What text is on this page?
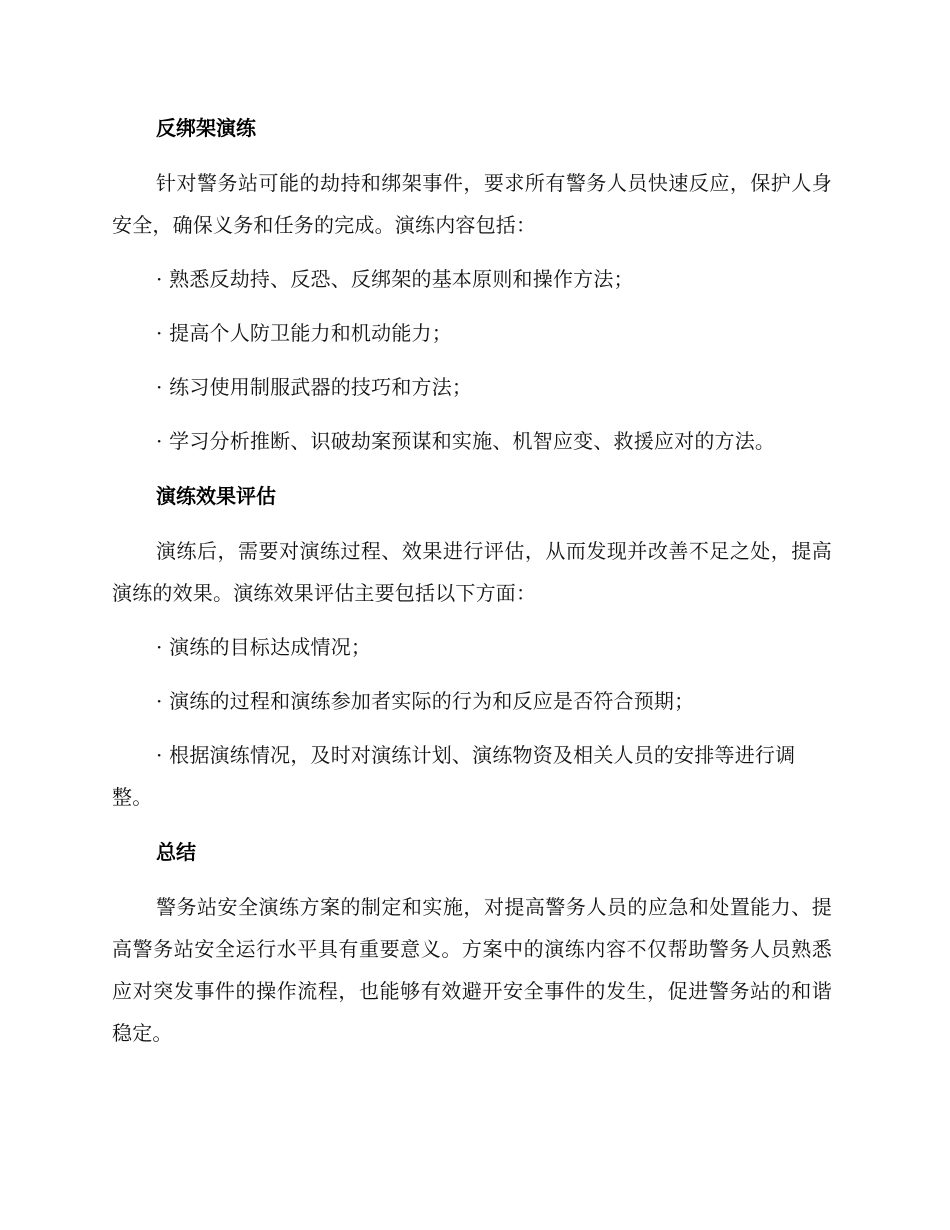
反绑架演练

针对警务站可能的劫持和绑架事件，要求所有警务人员快速反应，保护人身安全，确保义务和任务的完成。演练内容包括：

· 熟悉反劫持、反恐、反绑架的基本原则和操作方法；

· 提高个人防卫能力和机动能力；

· 练习使用制服武器的技巧和方法；

· 学习分析推断、识破劫案预谋和实施、机智应变、救援应对的方法。

演练效果评估

演练后，需要对演练过程、效果进行评估，从而发现并改善不足之处，提高演练的效果。演练效果评估主要包括以下方面：

· 演练的目标达成情况；

· 演练的过程和演练参加者实际的行为和反应是否符合预期；

· 根据演练情况，及时对演练计划、演练物资及相关人员的安排等进行调整。

总结

警务站安全演练方案的制定和实施，对提高警务人员的应急和处置能力、提高警务站安全运行水平具有重要意义。方案中的演练内容不仅帮助警务人员熟悉应对突发事件的操作流程，也能够有效避开安全事件的发生，促进警务站的和谐稳定。
